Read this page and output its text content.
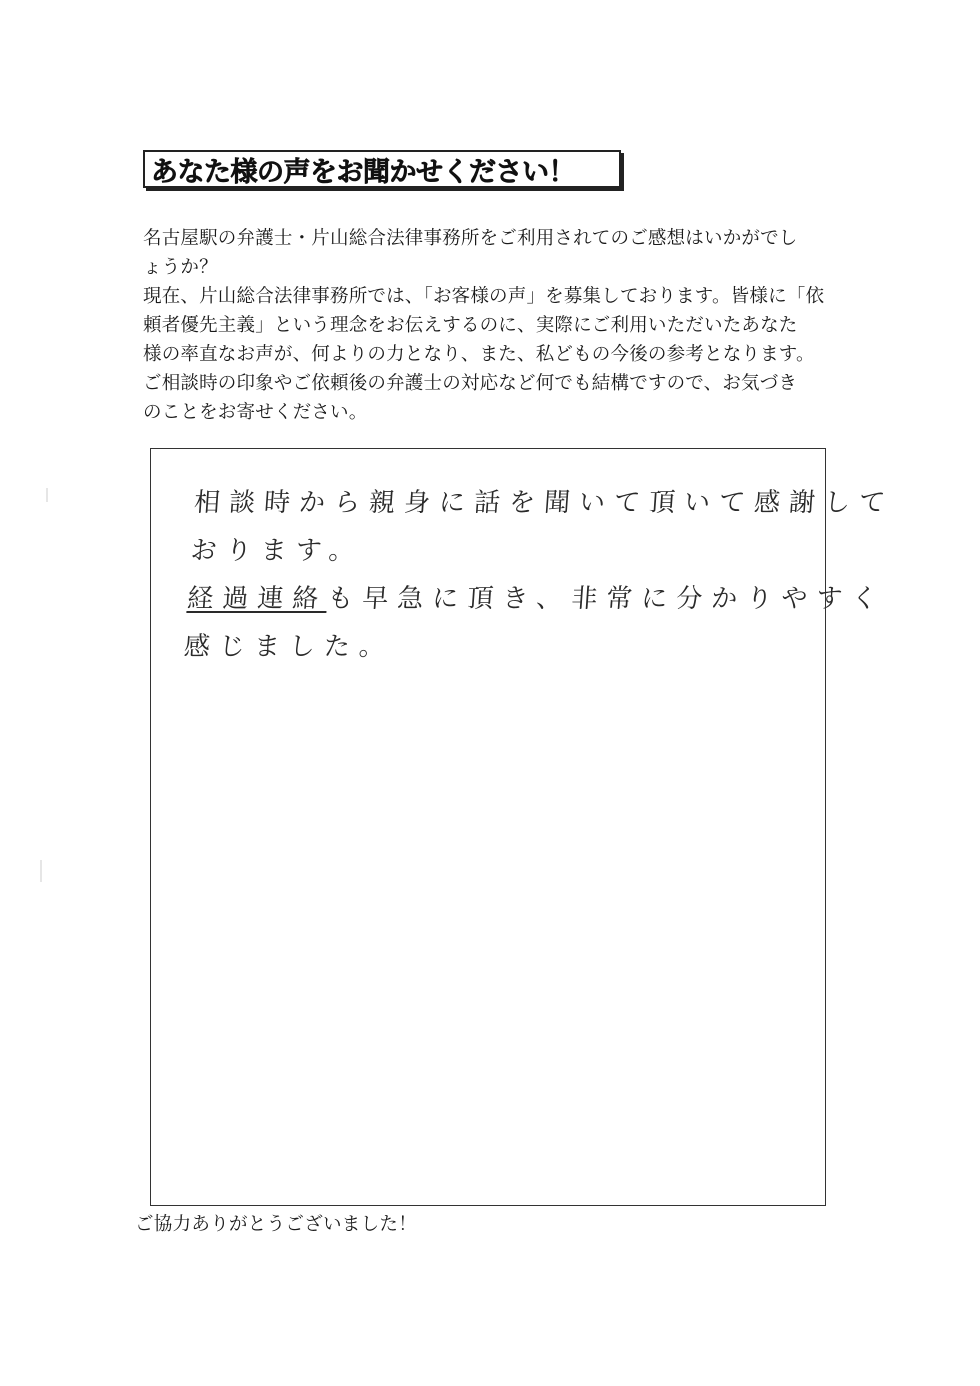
あなた様の声をお聞かせください！

名古屋駅の弁護士・片山総合法律事務所をご利用されてのご感想はいかがでし

ょうか？

現在、片山総合法律事務所では、「お客様の声」を募集しております。皆様に「依

頼者優先主義」という理念をお伝えするのに、実際にご利用いただいたあなた

様の率直なお声が、何よりの力となり、また、私どもの今後の参考となります。

ご相談時の印象やご依頼後の弁護士の対応など何でも結構ですので、お気づき

のことをお寄せください。

相談時から親身に話を聞いて頂いて感謝して
おります。
経過連絡も早急に頂き、非常に分かりやすく
感じました。
ご協力ありがとうございました！
